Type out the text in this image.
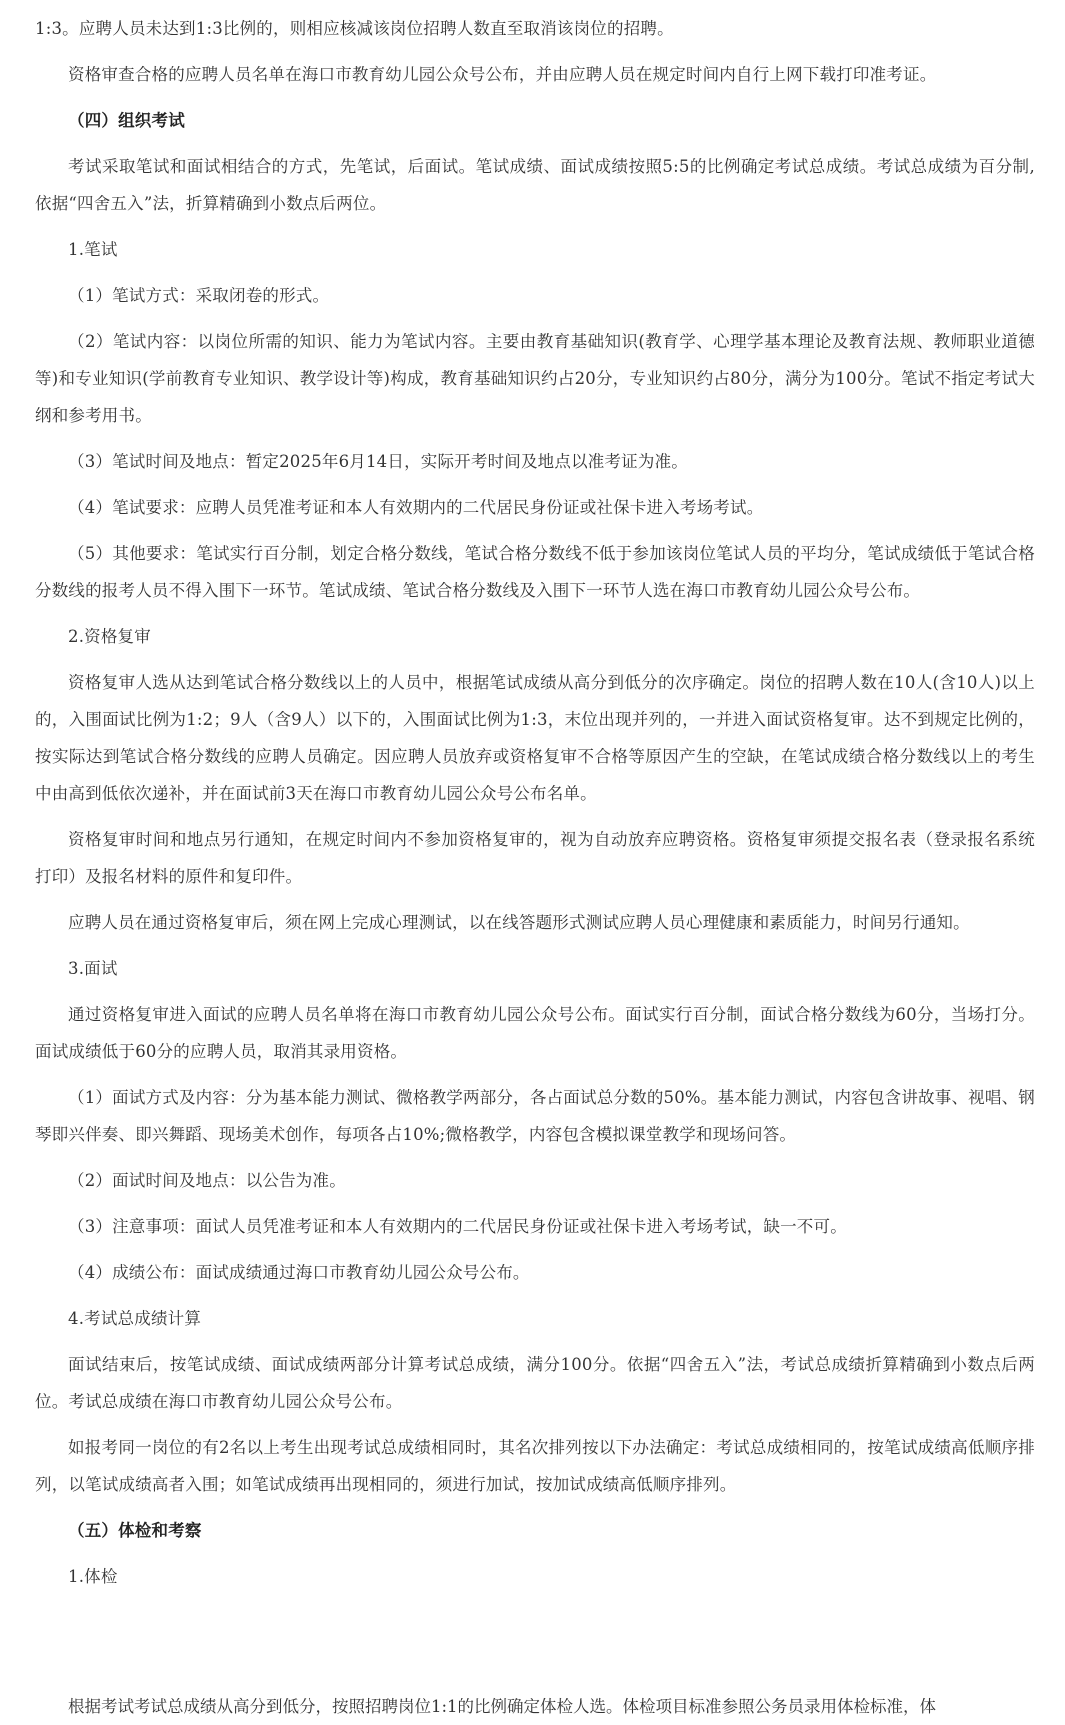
1:3。应聘人员未达到1:3比例的，则相应核减该岗位招聘人数直至取消该岗位的招聘。

资格审查合格的应聘人员名单在海口市教育幼儿园公众号公布，并由应聘人员在规定时间内自行上网下载打印准考证。

（四）组织考试

考试采取笔试和面试相结合的方式，先笔试，后面试。笔试成绩、面试成绩按照5:5的比例确定考试总成绩。考试总成绩为百分制,依据“四舍五入”法，折算精确到小数点后两位。

1.笔试

（1）笔试方式：采取闭卷的形式。

（2）笔试内容：以岗位所需的知识、能力为笔试内容。主要由教育基础知识(教育学、心理学基本理论及教育法规、教师职业道德等)和专业知识(学前教育专业知识、教学设计等)构成，教育基础知识约占20分，专业知识约占80分，满分为100分。笔试不指定考试大纲和参考用书。

（3）笔试时间及地点：暂定2025年6月14日，实际开考时间及地点以准考证为准。

（4）笔试要求：应聘人员凭准考证和本人有效期内的二代居民身份证或社保卡进入考场考试。

（5）其他要求：笔试实行百分制，划定合格分数线，笔试合格分数线不低于参加该岗位笔试人员的平均分，笔试成绩低于笔试合格分数线的报考人员不得入围下一环节。笔试成绩、笔试合格分数线及入围下一环节人选在海口市教育幼儿园公众号公布。

2.资格复审

资格复审人选从达到笔试合格分数线以上的人员中，根据笔试成绩从高分到低分的次序确定。岗位的招聘人数在10人(含10人)以上的，入围面试比例为1:2；9人（含9人）以下的，入围面试比例为1:3，末位出现并列的，一并进入面试资格复审。达不到规定比例的，按实际达到笔试合格分数线的应聘人员确定。因应聘人员放弃或资格复审不合格等原因产生的空缺，在笔试成绩合格分数线以上的考生中由高到低依次递补，并在面试前3天在海口市教育幼儿园公众号公布名单。

资格复审时间和地点另行通知，在规定时间内不参加资格复审的，视为自动放弃应聘资格。资格复审须提交报名表（登录报名系统打印）及报名材料的原件和复印件。

应聘人员在通过资格复审后，须在网上完成心理测试，以在线答题形式测试应聘人员心理健康和素质能力，时间另行通知。

3.面试

通过资格复审进入面试的应聘人员名单将在海口市教育幼儿园公众号公布。面试实行百分制，面试合格分数线为60分，当场打分。面试成绩低于60分的应聘人员，取消其录用资格。

（1）面试方式及内容：分为基本能力测试、微格教学两部分，各占面试总分数的50%。基本能力测试，内容包含讲故事、视唱、钢琴即兴伴奏、即兴舞蹈、现场美术创作，每项各占10%;微格教学，内容包含模拟课堂教学和现场问答。

（2）面试时间及地点：以公告为准。

（3）注意事项：面试人员凭准考证和本人有效期内的二代居民身份证或社保卡进入考场考试，缺一不可。

（4）成绩公布：面试成绩通过海口市教育幼儿园公众号公布。

4.考试总成绩计算

面试结束后，按笔试成绩、面试成绩两部分计算考试总成绩，满分100分。依据“四舍五入”法，考试总成绩折算精确到小数点后两位。考试总成绩在海口市教育幼儿园公众号公布。

如报考同一岗位的有2名以上考生出现考试总成绩相同时，其名次排列按以下办法确定：考试总成绩相同的，按笔试成绩高低顺序排列，以笔试成绩高者入围；如笔试成绩再出现相同的，须进行加试，按加试成绩高低顺序排列。

（五）体检和考察

1.体检

根据考试考试总成绩从高分到低分，按照招聘岗位1:1的比例确定体检人选。体检项目标准参照公务员录用体检标准，体
